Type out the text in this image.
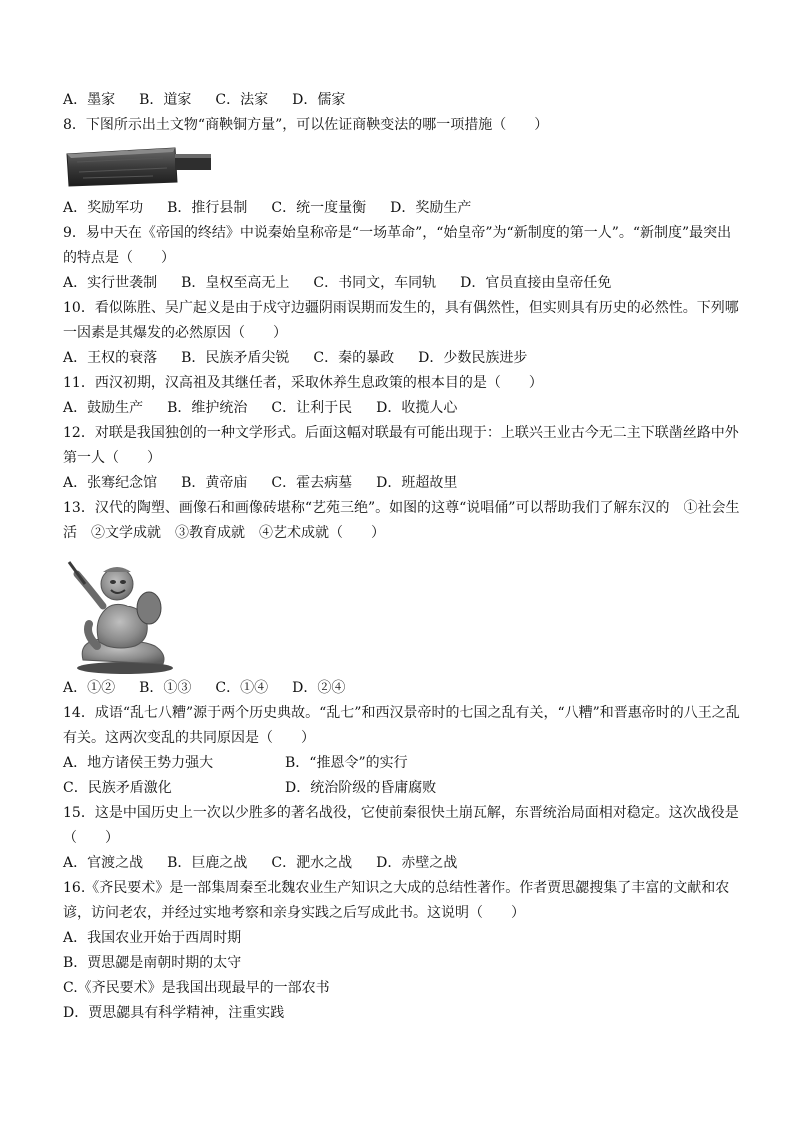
A．墨家 B．道家 C．法家 D．儒家
8．下图所示出土文物“商鞅铜方量”，可以佐证商鞅变法的哪一项措施（　　）
A．奖励军功 B．推行县制 C．统一度量衡 D．奖励生产
9．易中天在《帝国的终结》中说秦始皇称帝是“一场革命”，“始皇帝”为“新制度的第一人”。“新制度”最突出
的特点是（　　）
A．实行世袭制 B．皇权至高无上 C．书同文，车同轨 D．官员直接由皇帝任免
10．看似陈胜、吴广起义是由于戍守边疆阴雨误期而发生的，具有偶然性，但实则具有历史的必然性。下列哪
一因素是其爆发的必然原因（　　）
A．王权的衰落 B．民族矛盾尖锐 C．秦的暴政 D．少数民族进步
11．西汉初期，汉高祖及其继任者，采取休养生息政策的根本目的是（　　）
A．鼓励生产 B．维护统治 C．让利于民 D．收揽人心
12．对联是我国独创的一种文学形式。后面这幅对联最有可能出现于：上联兴王业古今无二主下联凿丝路中外
第一人（　　）
A．张骞纪念馆 B．黄帝庙 C．霍去病墓 D．班超故里
13．汉代的陶塑、画像石和画像砖堪称“艺苑三绝”。如图的这尊“说唱俑”可以帮助我们了解东汉的　①社会生
活　②文学成就　③教育成就　④艺术成就（　　）
A．①② B．①③ C．①④ D．②④
14．成语“乱七八糟”源于两个历史典故。“乱七”和西汉景帝时的七国之乱有关，“八糟”和晋惠帝时的八王之乱
有关。这两次变乱的共同原因是（　　）
A．地方诸侯王势力强大	B．“推恩令”的实行
C．民族矛盾激化	D．统治阶级的昏庸腐败
15．这是中国历史上一次以少胜多的著名战役，它使前秦很快土崩瓦解，东晋统治局面相对稳定。这次战役是
（　　）
A．官渡之战 B．巨鹿之战 C．淝水之战 D．赤壁之战
16.《齐民要术》是一部集周秦至北魏农业生产知识之大成的总结性著作。作者贾思勰搜集了丰富的文献和农
谚，访问老农，并经过实地考察和亲身实践之后写成此书。这说明（　　）
A．我国农业开始于西周时期
B．贾思勰是南朝时期的太守
C.《齐民要术》是我国出现最早的一部农书
D．贾思勰具有科学精神，注重实践
